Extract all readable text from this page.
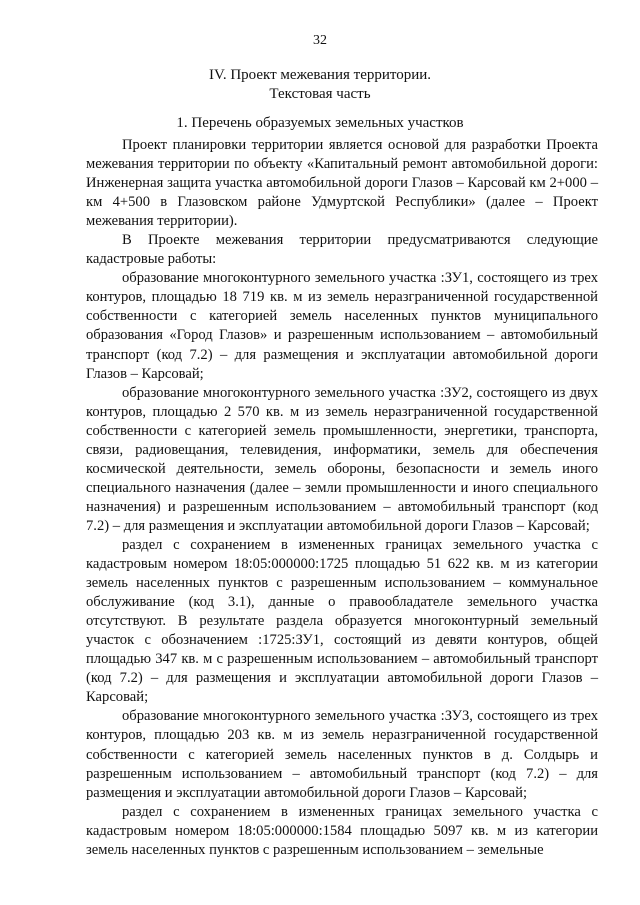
32
IV. Проект межевания территории.
Текстовая часть
1. Перечень образуемых земельных участков

Проект планировки территории является основой для разработки Проекта межевания территории по объекту «Капитальный ремонт автомобильной дороги: Инженерная защита участка автомобильной дороги Глазов – Карсовай км 2+000 – км 4+500 в Глазовском районе Удмуртской Республики» (далее – Проект межевания территории).

В Проекте межевания территории предусматриваются следующие кадастровые работы:

образование многоконтурного земельного участка :ЗУ1, состоящего из трех контуров, площадью 18 719 кв. м из земель неразграниченной государственной собственности с категорией земель населенных пунктов муниципального образования «Город Глазов» и разрешенным использованием – автомобильный транспорт (код 7.2) – для размещения и эксплуатации автомобильной дороги Глазов – Карсовай;

образование многоконтурного земельного участка :ЗУ2, состоящего из двух контуров, площадью 2 570 кв. м из земель неразграниченной государственной собственности с категорией земель промышленности, энергетики, транспорта, связи, радиовещания, телевидения, информатики, земель для обеспечения космической деятельности, земель обороны, безопасности и земель иного специального назначения (далее – земли промышленности и иного специального назначения) и разрешенным использованием – автомобильный транспорт (код 7.2) – для размещения и эксплуатации автомобильной дороги Глазов – Карсовай;

раздел с сохранением в измененных границах земельного участка с кадастровым номером 18:05:000000:1725 площадью 51 622 кв. м из категории земель населенных пунктов с разрешенным использованием – коммунальное обслуживание (код 3.1), данные о правообладателе земельного участка отсутствуют. В результате раздела образуется многоконтурный земельный участок с обозначением :1725:ЗУ1, состоящий из девяти контуров, общей площадью 347 кв. м с разрешенным использованием – автомобильный транспорт (код 7.2) – для размещения и эксплуатации автомобильной дороги Глазов – Карсовай;

образование многоконтурного земельного участка :ЗУ3, состоящего из трех контуров, площадью 203 кв. м из земель неразграниченной государственной собственности с категорией земель населенных пунктов в д. Солдырь и разрешенным использованием – автомобильный транспорт (код 7.2) – для размещения и эксплуатации автомобильной дороги Глазов – Карсовай;

раздел с сохранением в измененных границах земельного участка с кадастровым номером 18:05:000000:1584 площадью 5097 кв. м из категории земель населенных пунктов с разрешенным использованием – земельные
